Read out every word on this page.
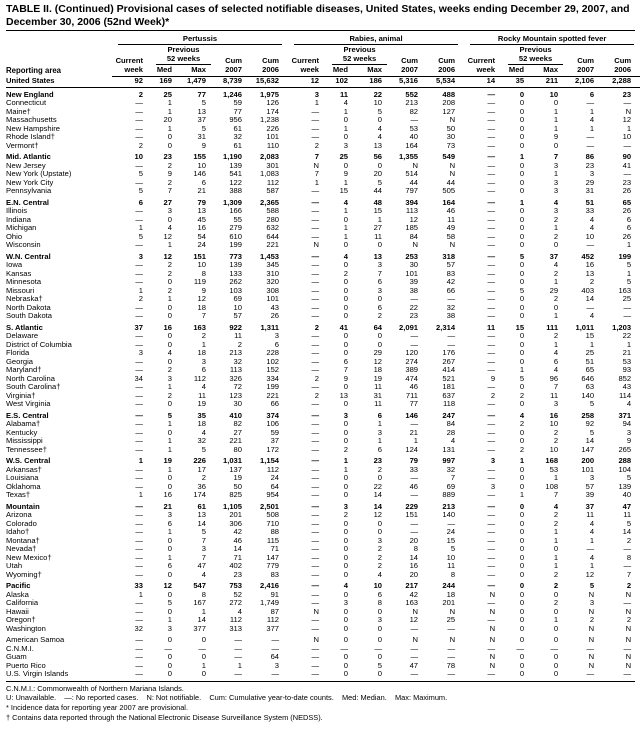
TABLE II. (Continued) Provisional cases of selected notifiable diseases, United States, weeks ending December 29, 2007, and December 30, 2006 (52nd Week)*
Reporting area	Pertussis					Rabies, animal					Rocky Mountain spotted fever				

	Current	Previous
52 weeks		Cum	Cum	Current	Previous
52 weeks		Cum	Cum	Current	Previous
52 weeks		Cum	Cum
	week	Med	Max	2007	2006	week	Med	Max	2007	2006	week	Med	Max	2007	2006
United States	92	169	1,479	8,739	15,632	12	102	186	5,316	5,534	14	35	211	2,106	2,288
New England	2	25	77	1,246	1,975	3	11	22	552	488	—	0	10	6	23
Connecticut	—	1	5	59	126	1	4	10	213	208	—	0	0	—	—
Maine†	—	1	13	77	174	—	1	5	82	127	—	0	1	1	N
Massachusetts	—	20	37	956	1,238	—	0	0	—	N	—	0	1	4	12
New Hampshire	—	1	5	61	226	—	1	4	53	50	—	0	1	1	1
Rhode Island†	—	0	31	32	101	—	0	4	40	30	—	0	9	—	10
Vermont†	2	0	9	61	110	2	3	13	164	73	—	0	0	—	—
Mid. Atlantic	10	23	155	1,190	2,083	7	25	56	1,355	549	—	1	7	86	90
New Jersey	—	2	10	139	301	N	0	0	N	N	—	0	3	23	41
New York (Upstate)	5	9	146	541	1,083	7	9	20	514	N	—	0	1	3	—
New York City	—	2	6	122	112	1	1	5	44	44	—	0	3	29	23
Pennsylvania	5	7	21	388	587	—	15	44	797	505	—	0	3	31	26
E.N. Central	6	27	79	1,309	2,365	—	4	48	394	164	—	1	4	51	65
Illinois	—	3	13	166	588	—	1	15	113	46	—	0	3	33	26
Indiana	—	0	45	55	280	—	0	1	12	11	—	0	2	4	6
Michigan	1	4	16	279	632	—	1	27	185	49	—	0	1	4	6
Ohio	5	12	54	610	644	—	1	11	84	58	—	0	2	10	26
Wisconsin	—	1	24	199	221	N	0	0	N	N	—	0	0	—	1
W.N. Central	3	12	151	773	1,453	—	4	13	253	318	—	5	37	452	199
Iowa	—	2	10	139	345	—	0	3	30	57	—	0	4	16	5
Kansas	—	2	8	133	310	—	2	7	101	83	—	0	2	13	1
Minnesota	—	0	119	262	320	—	0	6	39	42	—	0	1	2	5
Missouri	1	2	9	103	308	—	0	3	38	66	—	5	29	403	163
Nebraska†	2	1	12	69	101	—	0	0	—	—	—	0	2	14	25
North Dakota	—	0	18	10	43	—	0	6	22	32	—	0	0	—	—
South Dakota	—	0	7	57	26	—	0	2	23	38	—	0	1	4	—
S. Atlantic	37	16	163	922	1,311	2	41	64	2,091	2,314	11	15	111	1,011	1,203
Delaware	—	0	2	11	3	—	0	0	—	—	—	0	2	15	22
District of Columbia	—	0	1	2	6	—	0	0	—	—	—	0	1	1	1
Florida	3	4	18	213	228	—	0	29	120	176	—	0	4	25	21
Georgia	—	0	3	32	102	—	6	12	274	267	—	0	6	51	53
Maryland†	—	2	6	113	152	—	7	18	389	414	—	1	4	65	93
North Carolina	34	3	112	326	334	2	9	19	474	521	9	5	96	646	852
South Carolina†	—	1	4	72	199	—	0	11	46	181	—	0	7	63	43
Virginia†	—	2	11	123	221	2	13	31	711	637	2	2	11	140	114
West Virginia	—	0	19	30	66	—	0	11	77	118	—	0	3	5	4
E.S. Central	—	5	35	410	374	—	3	6	146	247	—	4	16	258	371
Alabama†	—	1	18	82	106	—	0	1	—	84	—	2	10	92	94
Kentucky	—	0	4	27	59	—	0	3	21	28	—	0	2	5	3
Mississippi	—	1	32	221	37	—	0	1	1	4	—	0	2	14	9
Tennessee†	—	1	5	80	172	—	2	6	124	131	—	2	10	147	265
W.S. Central	1	19	226	1,031	1,154	—	1	23	79	997	3	1	168	200	288
Arkansas†	—	1	17	137	112	—	1	2	33	32	—	0	53	101	104
Louisiana	—	0	2	19	24	—	0	0	—	7	—	0	1	3	5
Oklahoma	—	0	36	50	64	—	0	22	46	69	3	0	108	57	139
Texas†	1	16	174	825	954	—	0	14	—	889	—	1	7	39	40
Mountain	—	21	61	1,105	2,501	—	3	14	229	213	—	0	4	37	47
Arizona	—	3	13	201	508	—	2	12	151	140	—	0	2	11	11
Colorado	—	6	14	306	710	—	0	0	—	—	—	0	2	4	5
Idaho†	—	1	5	42	88	—	0	0	—	24	—	0	1	4	14
Montana†	—	0	7	46	115	—	0	3	20	15	—	0	1	1	2
Nevada†	—	0	3	14	71	—	0	2	8	5	—	0	0	—	—
New Mexico†	—	1	7	71	147	—	0	2	14	10	—	0	1	4	8
Utah	—	6	47	402	779	—	0	2	16	11	—	0	1	1	—
Wyoming†	—	0	4	23	83	—	0	4	20	8	—	0	2	12	7
Pacific	33	12	547	753	2,416	—	4	10	217	244	—	0	2	5	2
Alaska	1	0	8	52	91	—	0	6	42	18	N	0	0	N	N
California	—	5	167	272	1,749	—	3	8	163	201	—	0	2	3	—
Hawaii	—	0	1	4	87	N	0	0	N	N	N	0	0	N	N
Oregon†	—	1	14	112	112	—	0	3	12	25	—	0	1	2	2
Washington	32	3	377	313	377	—	0	0	—	—	N	0	0	N	N
American Samoa	—	0	0	—	—	N	0	0	N	N	N	0	0	N	N
C.N.M.I.	—	—	—	—	—	—	—	—	—	—	—	—	—	—	—
Guam	—	0	0	—	64	—	0	0	—	—	N	0	0	N	N
Puerto Rico	—	0	1	1	3	—	0	5	47	78	N	0	0	N	N
U.S. Virgin Islands	—	0	0	—	—	—	0	0	—	—	—	0	0	—	—
C.N.M.I.: Commonwealth of Northern Mariana Islands.
U: Unavailable.    —: No reported cases.    N: Not notifiable.    Cum: Cumulative year-to-date counts.    Med: Median.    Max: Maximum.
* Incidence data for reporting year 2007 are provisional.
† Contains data reported through the National Electronic Disease Surveillance System (NEDSS).
